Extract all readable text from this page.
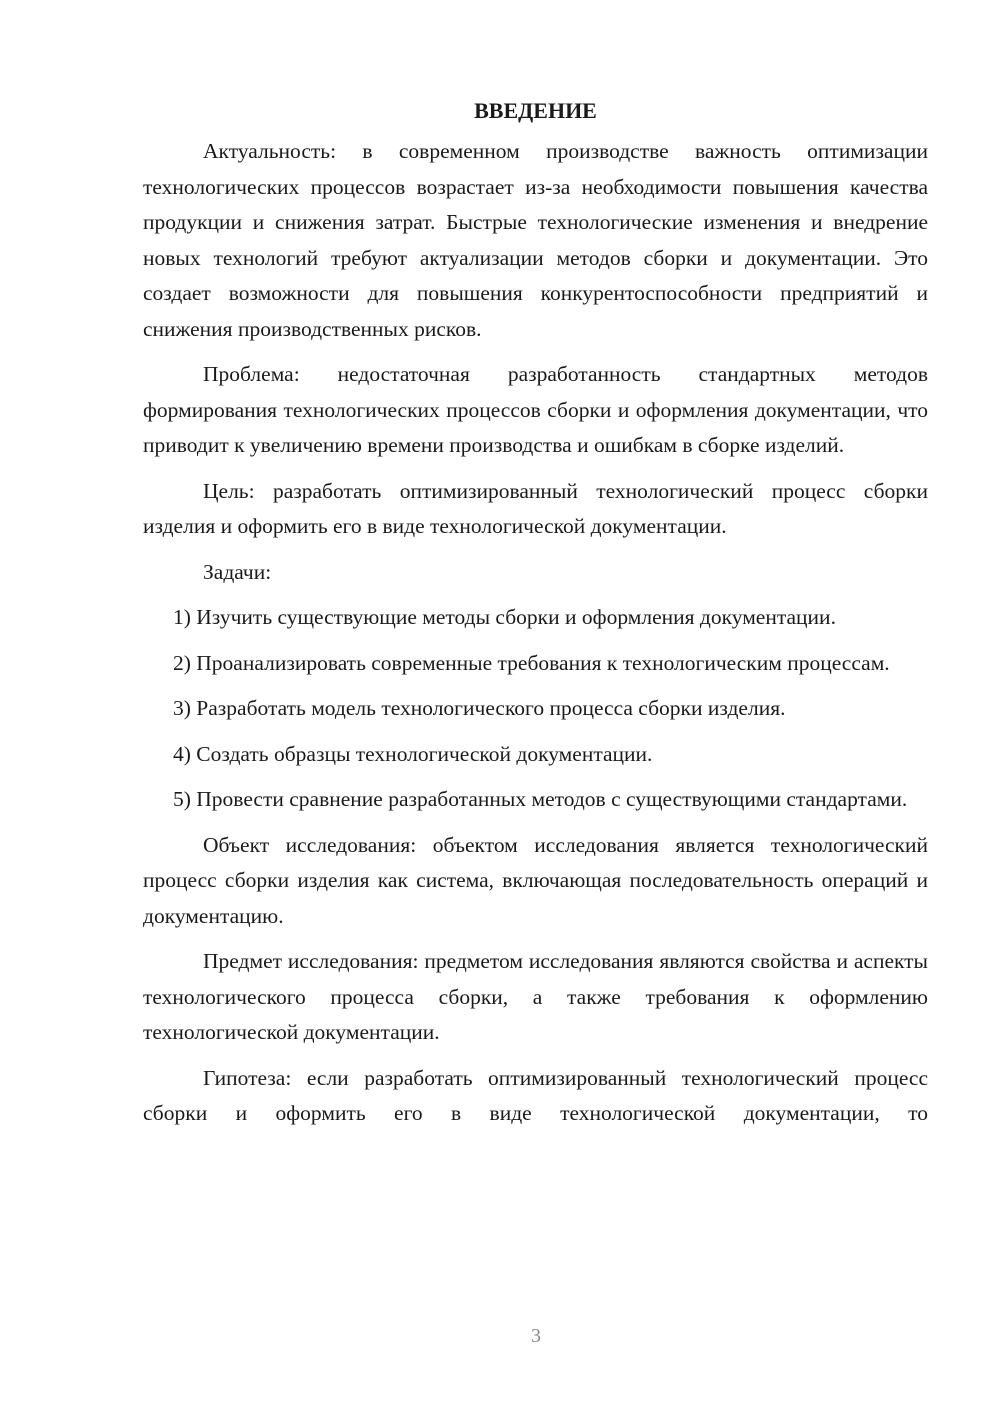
ВВЕДЕНИЕ

Актуальность: в современном производстве важность оптимизации технологических процессов возрастает из-за необходимости повышения качества продукции и снижения затрат. Быстрые технологические изменения и внедрение новых технологий требуют актуализации методов сборки и документации. Это создает возможности для повышения конкурентоспособности предприятий и снижения производственных рисков.

Проблема: недостаточная разработанность стандартных методов формирования технологических процессов сборки и оформления документации, что приводит к увеличению времени производства и ошибкам в сборке изделий.

Цель: разработать оптимизированный технологический процесс сборки изделия и оформить его в виде технологической документации.

Задачи:

1) Изучить существующие методы сборки и оформления документации.

2) Проанализировать современные требования к технологическим процессам.

3) Разработать модель технологического процесса сборки изделия.

4) Создать образцы технологической документации.

5) Провести сравнение разработанных методов с существующими стандартами.

Объект исследования: объектом исследования является технологический процесс сборки изделия как система, включающая последовательность операций и документацию.

Предмет исследования: предметом исследования являются свойства и аспекты технологического процесса сборки, а также требования к оформлению технологической документации.

Гипотеза: если разработать оптимизированный технологический процесс сборки и оформить его в виде технологической документации, то

3
